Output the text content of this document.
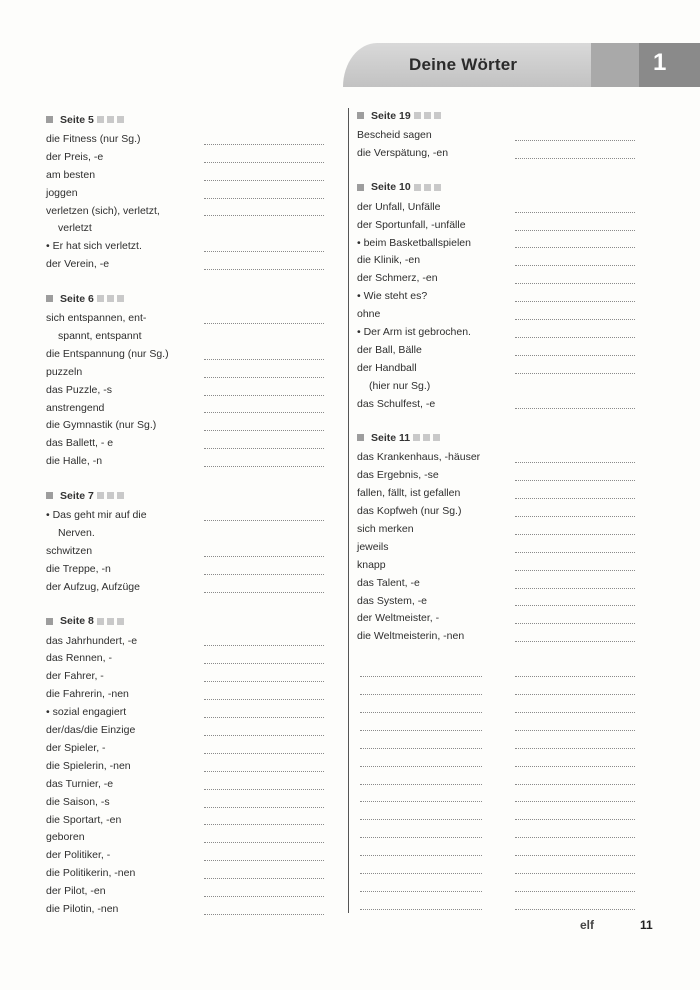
Deine Wörter	1
Seite 5
die Fitness (nur Sg.)
der Preis, -e
am besten
joggen
verletzen (sich), verletzt,
verletzt
• Er hat sich verletzt.
der Verein, -e
Seite 6
sich entspannen, ent-
spannt, entspannt
die Entspannung (nur Sg.)
puzzeln
das Puzzle, -s
anstrengend
die Gymnastik (nur Sg.)
das Ballett, - e
die Halle, -n
Seite 7
• Das geht mir auf die
Nerven.
schwitzen
die Treppe, -n
der Aufzug, Aufzüge
Seite 8
das Jahrhundert, -e
das Rennen, -
der Fahrer, -
die Fahrerin, -nen
• sozial engagiert
der/das/die Einzige
der Spieler, -
die Spielerin, -nen
das Turnier, -e
die Saison, -s
die Sportart, -en
geboren
der Politiker, -
die Politikerin, -nen
der Pilot, -en
die Pilotin, -nen
Seite 19
Bescheid sagen
die Verspätung, -en
Seite 10
der Unfall, Unfälle
der Sportunfall, -unfälle
• beim Basketballspielen
die Klinik, -en
der Schmerz, -en
• Wie steht es?
ohne
• Der Arm ist gebrochen.
der Ball, Bälle
der Handball
(hier nur Sg.)
das Schulfest, -e
Seite 11
das Krankenhaus, -häuser
das Ergebnis, -se
fallen, fällt, ist gefallen
das Kopfweh (nur Sg.)
sich merken
jeweils
knapp
das Talent, -e
das System, -e
der Weltmeister, -
die Weltmeisterin, -nen
elf	11
